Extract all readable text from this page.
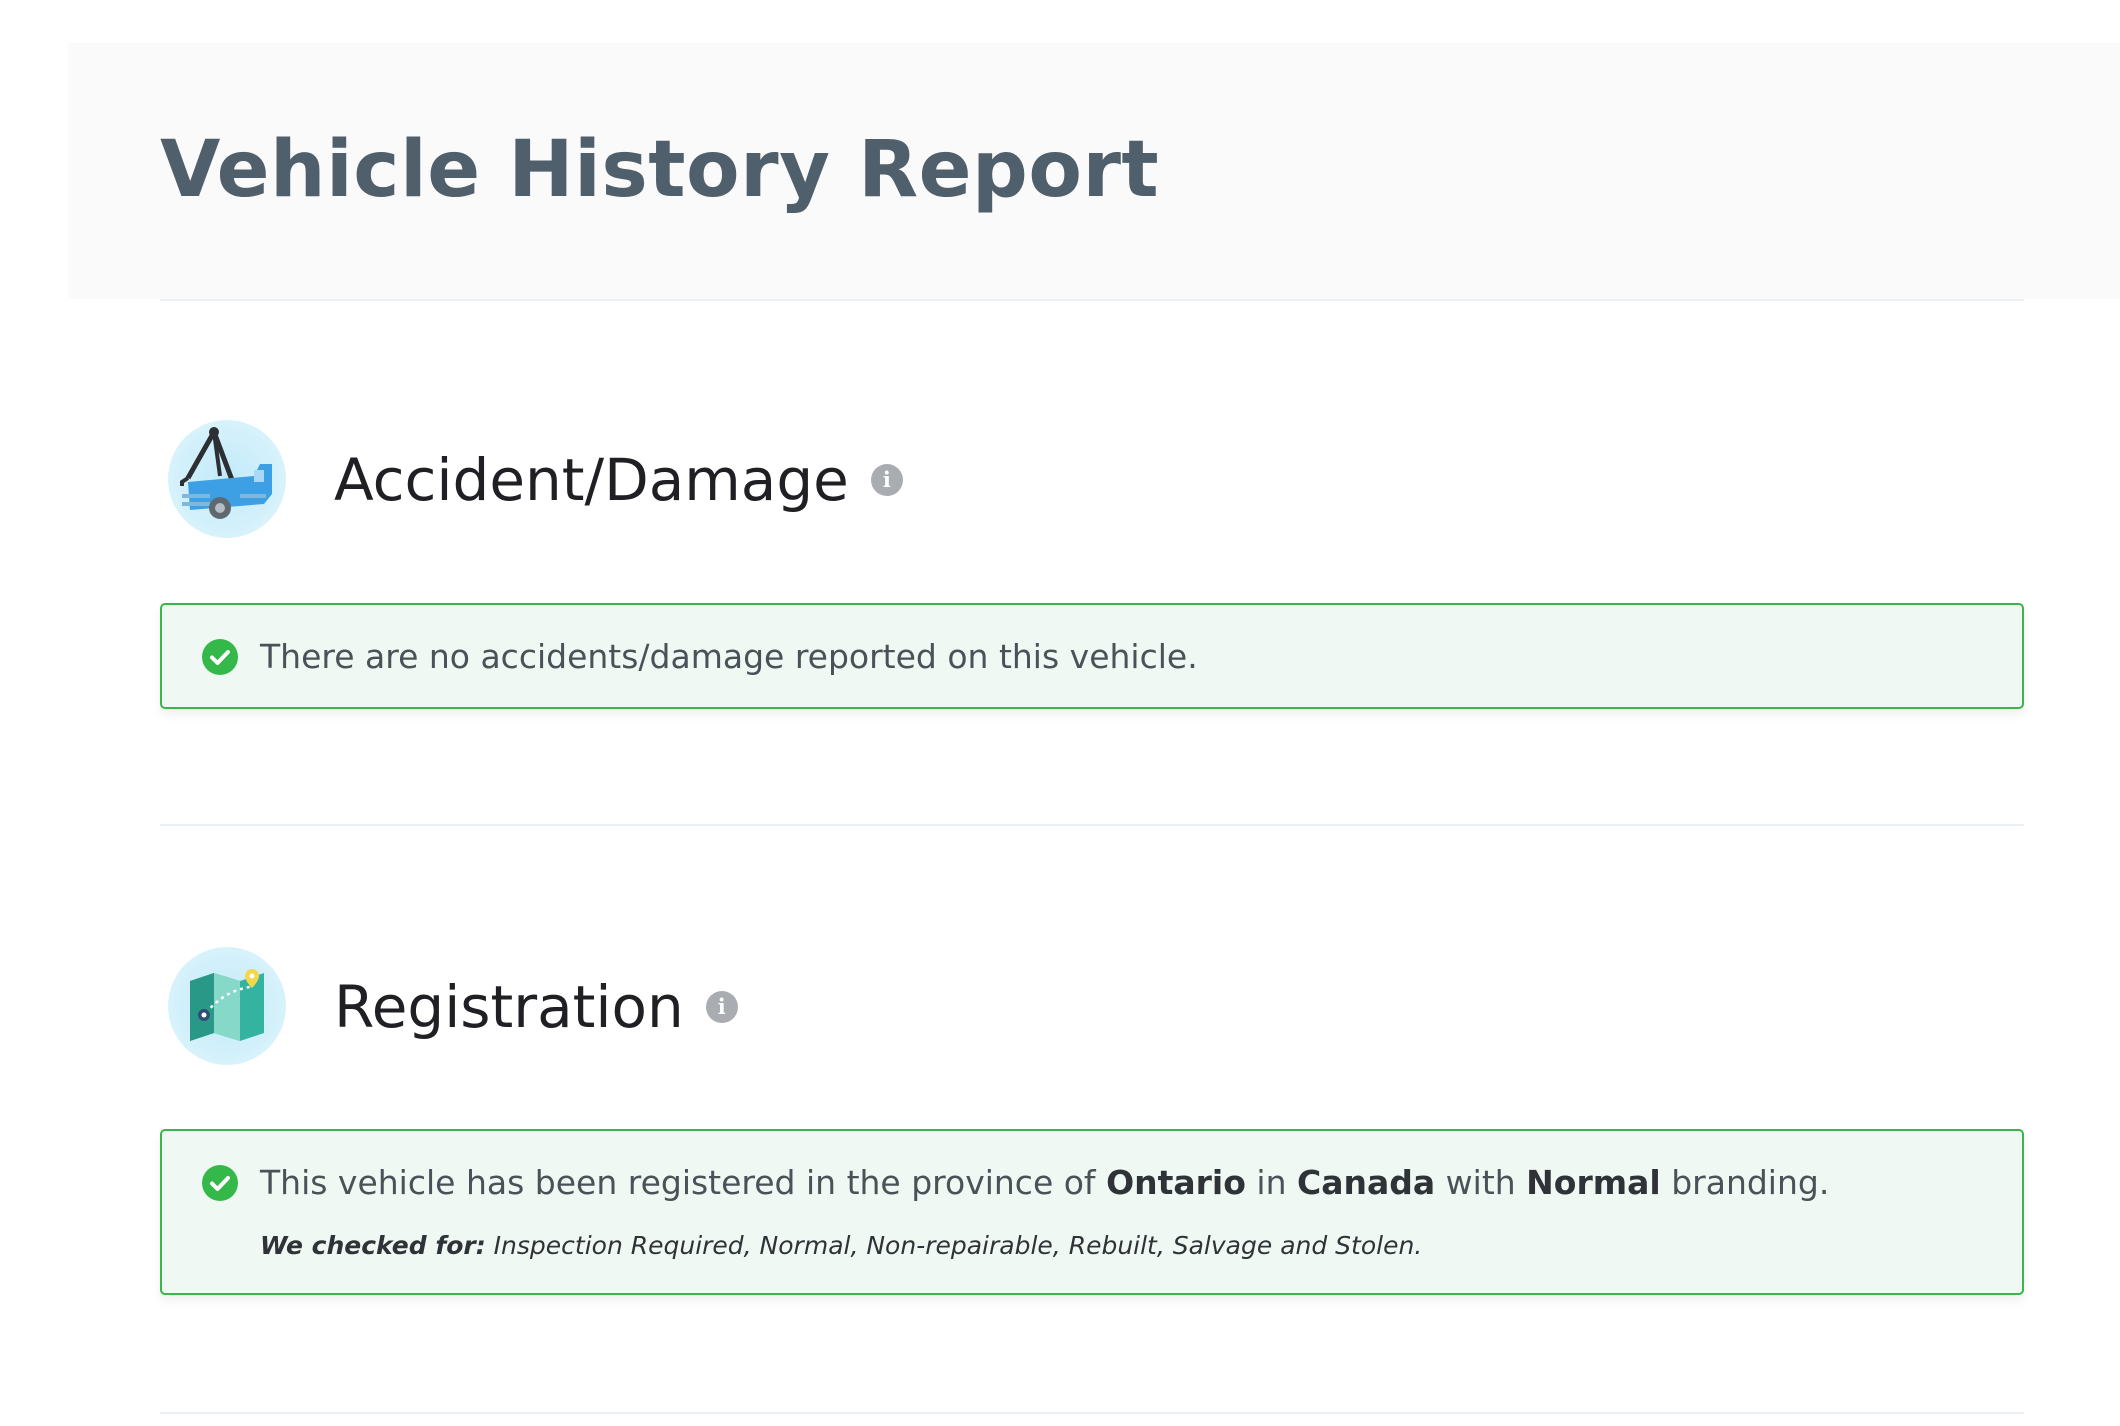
Vehicle History Report
Accident/Damage	i
There are no accidents/damage reported on this vehicle.
Registration	i
This vehicle has been registered in the province of Ontario in Canada with Normal branding.
We checked for: Inspection Required, Normal, Non-repairable, Rebuilt, Salvage and Stolen.
